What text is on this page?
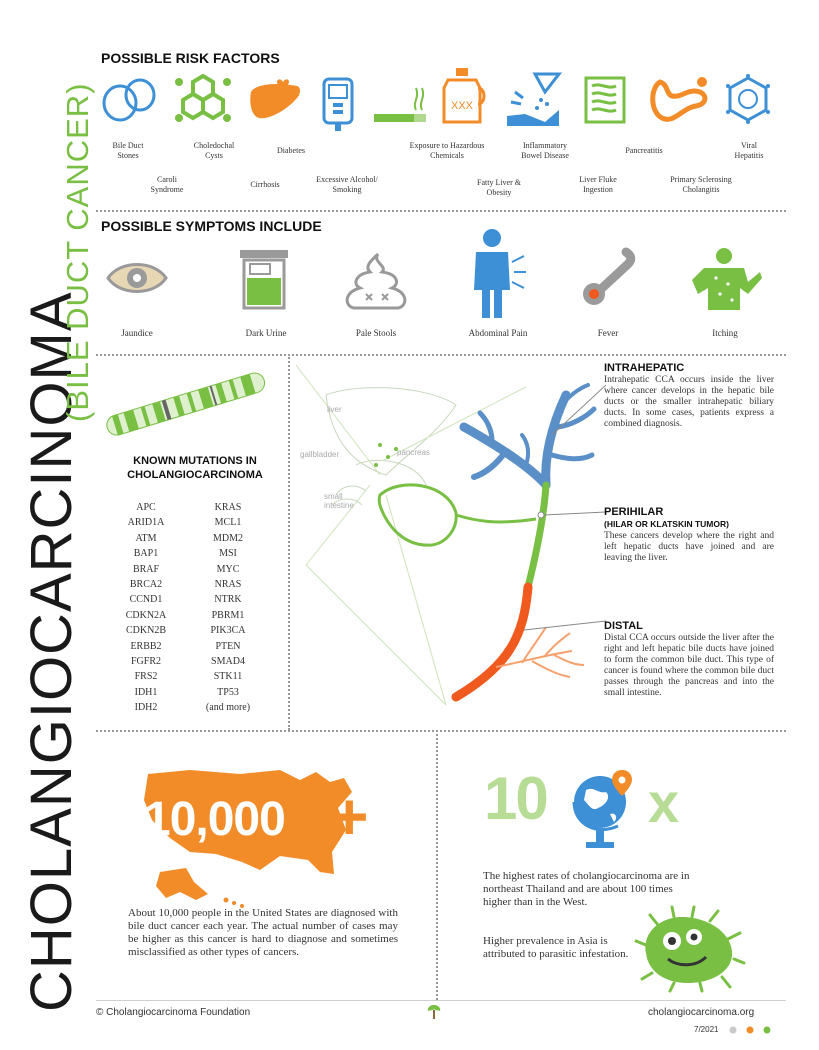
CHOLANGIOCARCINOMA
(BILE DUCT CANCER)
POSSIBLE RISK FACTORS
XXX
Bile Duct
Stones
Choledochal
Cysts
Diabetes
Exposure to Hazardous
Chemicals
Inflammatory
Bowel Disease
Pancreatitis
Viral
Hepatitis
Caroli
Syndrome
Cirrhosis
Excessive Alcohol/
Smoking
Fatty Liver &
Obesity
Liver Fluke
Ingestion
Primary Sclerosing
Cholangitis
POSSIBLE SYMPTOMS INCLUDE
Jaundice	Dark Urine	Pale Stools	Abdominal Pain	Fever	Itching
KNOWN MUTATIONS IN
CHOLANGIOCARCINOMA
APC
ARID1A
ATM
BAP1
BRAF
BRCA2
CCND1
CDKN2A
CDKN2B
ERBB2
FGFR2
FRS2
IDH1
IDH2
KRAS
MCL1
MDM2
MSI
MYC
NRAS
NTRK
PBRM1
PIK3CA
PTEN
SMAD4
STK11
TP53
(and more)
liver
gallbladder	pancreas
small
intestine
INTRAHEPATIC
Intrahepatic CCA occurs inside the liver where cancer develops in the hepatic bile ducts or the smaller intrahepatic biliary ducts. In some cases, patients express a combined diagnosis.
PERIHILAR
(HILAR OR KLATSKIN TUMOR)
These cancers develop where the right and left hepatic ducts have joined and are leaving the liver.
DISTAL
Distal CCA occurs outside the liver after the right and left hepatic bile ducts have joined to form the common bile duct. This type of cancer is found where the common bile duct passes through the pancreas and into the small intestine.
10,000 +
About 10,000 people in the United States are diagnosed with bile duct cancer each year. The actual number of cases may be higher as this cancer is hard to diagnose and sometimes misclassified as other types of cancers.
10 x
The highest rates of cholangiocarcinoma are in northeast Thailand and are about 100 times higher than in the West.
Higher prevalence in Asia is attributed to parasitic infestation.
© Cholangiocarcinoma Foundation	cholangiocarcinoma.org
7/2021
